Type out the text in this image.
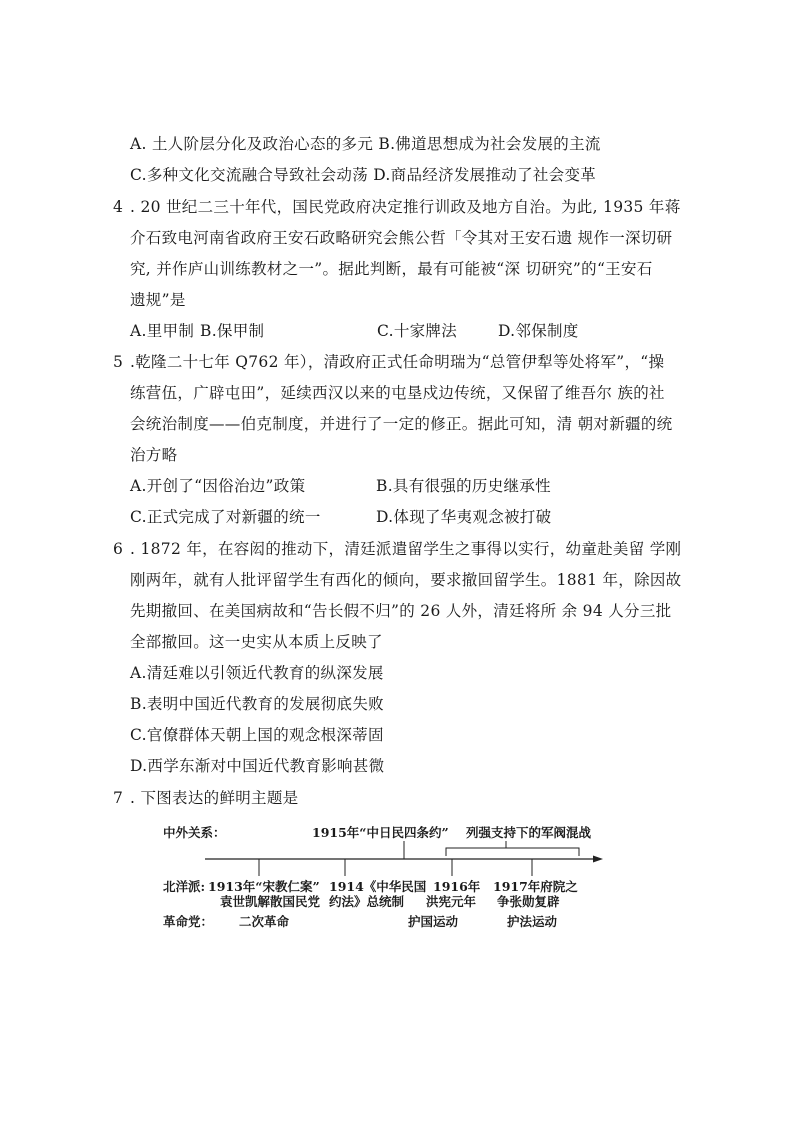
A. 土人阶层分化及政治心态的多元 B.佛道思想成为社会发展的主流
C.多种文化交流融合导致社会动荡 D.商品经济发展推动了社会变革
4 . 20 世纪二三十年代，国民党政府决定推行训政及地方自治。为此, 1935 年蒋
介石致电河南省政府王安石政略研究会熊公哲「令其对王安石遗 规作一深切研
究, 并作庐山训练教材之一”。据此判断，最有可能被“深 切研究”的“王安石
遗规”是
A.里甲制 B.保甲制	C.十家牌法	D.邻保制度
5 .乾隆二十七年 Q762 年），清政府正式任命明瑞为“总管伊犁等处将军”，“操
练营伍，广辟屯田”，延续西汉以来的屯垦戍边传统，又保留了维吾尔 族的社
会统治制度——伯克制度，并进行了一定的修正。据此可知，清 朝对新疆的统
治方略
A.开创了“因俗治边”政策	B.具有很强的历史继承性
C.正式完成了对新疆的统一	D.体现了华夷观念被打破
6 . 1872 年，在容闳的推动下，清廷派遣留学生之事得以实行，幼童赴美留 学刚
刚两年，就有人批评留学生有西化的倾向，要求撤回留学生。1881 年，除因故
先期撤回、在美国病故和“告长假不归”的 26 人外，清廷将所 余 94 人分三批
全部撤回。这一史实从本质上反映了
A.清廷难以引领近代教育的纵深发展
B.表明中国近代教育的发展彻底失败
C.官僚群体天朝上国的观念根深蒂固
D.西学东渐对中国近代教育影响甚微
7 . 下图表达的鲜明主题是
中外关系：	1915年“中日民四条约” 列强支持下的军阀混战
北洋派: 1913年“宋教仁案”
袁世凯解散国民党
1914《中华民国
约法》总统制
1916年
洪宪元年
1917年府院之
争张勋复辟
革命党： 二次革命	护国运动	护法运动
